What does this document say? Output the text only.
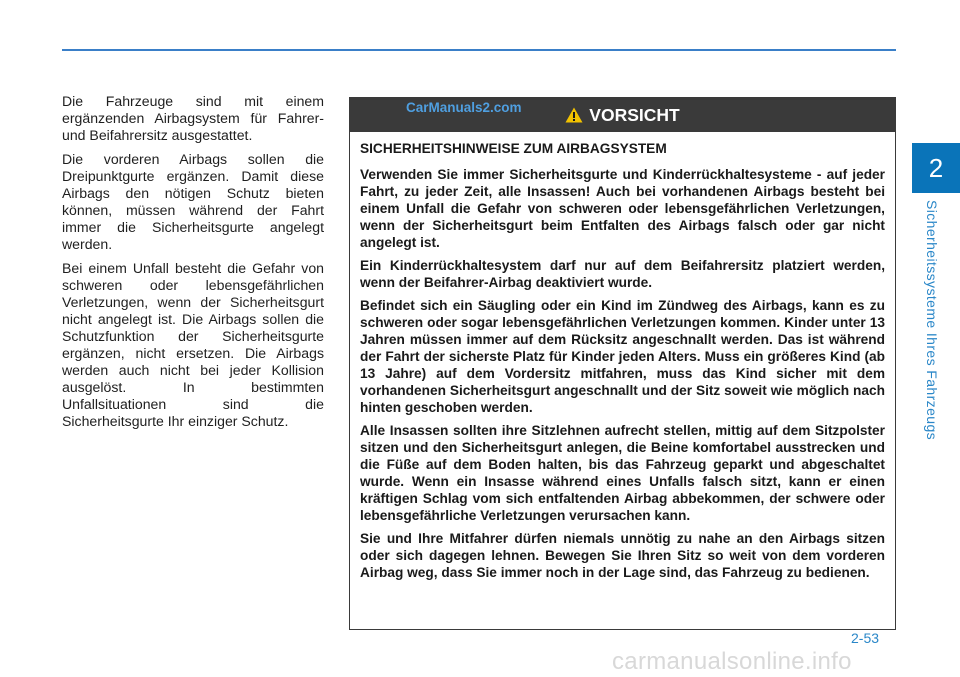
2
Sicherheitssysteme Ihres Fahrzeugs

Die Fahrzeuge sind mit einem ergänzenden Airbagsystem für Fahrer- und Beifahrersitz ausgestattet.

Die vorderen Airbags sollen die Dreipunktgurte ergänzen. Damit diese Airbags den nötigen Schutz bieten können, müssen während der Fahrt immer die Sicherheitsgurte angelegt werden.

Bei einem Unfall besteht die Gefahr von schweren oder lebensgefährlichen Verletzungen, wenn der Sicherheitsgurt nicht angelegt ist. Die Airbags sollen die Schutzfunktion der Sicherheitsgurte ergänzen, nicht ersetzen. Die Airbags werden auch nicht bei jeder Kollision ausgelöst. In bestimmten Unfallsituationen sind die Sicherheitsgurte Ihr einziger Schutz.

CarManuals2.com	VORSICHT

SICHERHEITSHINWEISE ZUM AIRBAGSYSTEM

Verwenden Sie immer Sicherheitsgurte und Kinderrückhaltesysteme - auf jeder Fahrt, zu jeder Zeit, alle Insassen! Auch bei vorhandenen Airbags besteht bei einem Unfall die Gefahr von schweren oder lebensgefährlichen Verletzungen, wenn der Sicherheitsgurt beim Entfalten des Airbags falsch oder gar nicht angelegt ist.

Ein Kinderrückhaltesystem darf nur auf dem Beifahrersitz platziert werden, wenn der Beifahrer-Airbag deaktiviert wurde.

Befindet sich ein Säugling oder ein Kind im Zündweg des Airbags, kann es zu schweren oder sogar lebensgefährlichen Verletzungen kommen. Kinder unter 13 Jahren müssen immer auf dem Rücksitz angeschnallt werden. Das ist während der Fahrt der sicherste Platz für Kinder jeden Alters. Muss ein größeres Kind (ab 13 Jahre) auf dem Vordersitz mitfahren, muss das Kind sicher mit dem vorhandenen Sicherheitsgurt angeschnallt und der Sitz soweit wie möglich nach hinten geschoben werden.

Alle Insassen sollten ihre Sitzlehnen aufrecht stellen, mittig auf dem Sitzpolster sitzen und den Sicherheitsgurt anlegen, die Beine komfortabel ausstrecken und die Füße auf dem Boden halten, bis das Fahrzeug geparkt und abgeschaltet wurde. Wenn ein Insasse während eines Unfalls falsch sitzt, kann er einen kräftigen Schlag vom sich entfaltenden Airbag abbekommen, der schwere oder lebensgefährliche Verletzungen verursachen kann.

Sie und Ihre Mitfahrer dürfen niemals unnötig zu nahe an den Airbags sitzen oder sich dagegen lehnen. Bewegen Sie Ihren Sitz so weit von dem vorderen Airbag weg, dass Sie immer noch in der Lage sind, das Fahrzeug zu bedienen.

2-53
carmanualsonline.info
